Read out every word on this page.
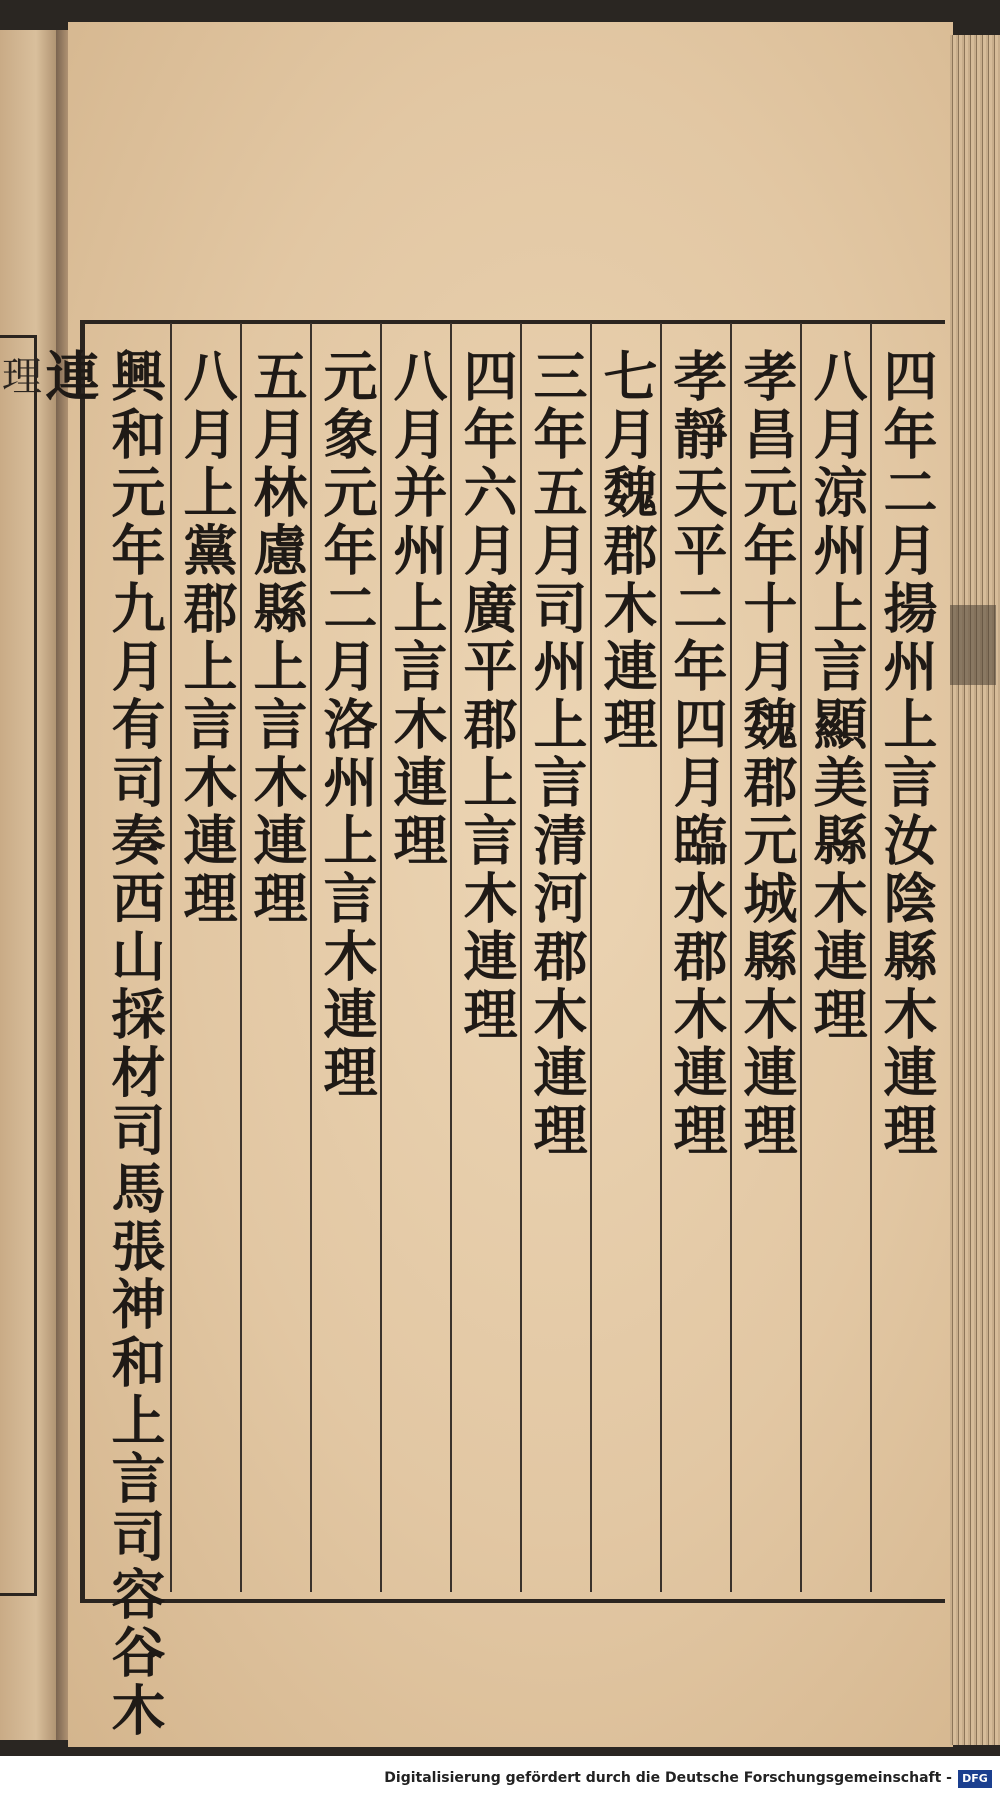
理	四年二月揚州上言汝陰縣木連理
八月涼州上言顯美縣木連理
孝昌元年十月魏郡元城縣木連理
孝靜天平二年四月臨水郡木連理
七月魏郡木連理
三年五月司州上言清河郡木連理
四年六月廣平郡上言木連理
八月并州上言木連理
元象元年二月洛州上言木連理
五月林慮縣上言木連理
八月上黨郡上言木連理
興和元年九月有司奏西山採材司馬張神和上言司容谷木連
Digitalisierung gefördert durch die Deutsche Forschungsgemeinschaft - DFG
